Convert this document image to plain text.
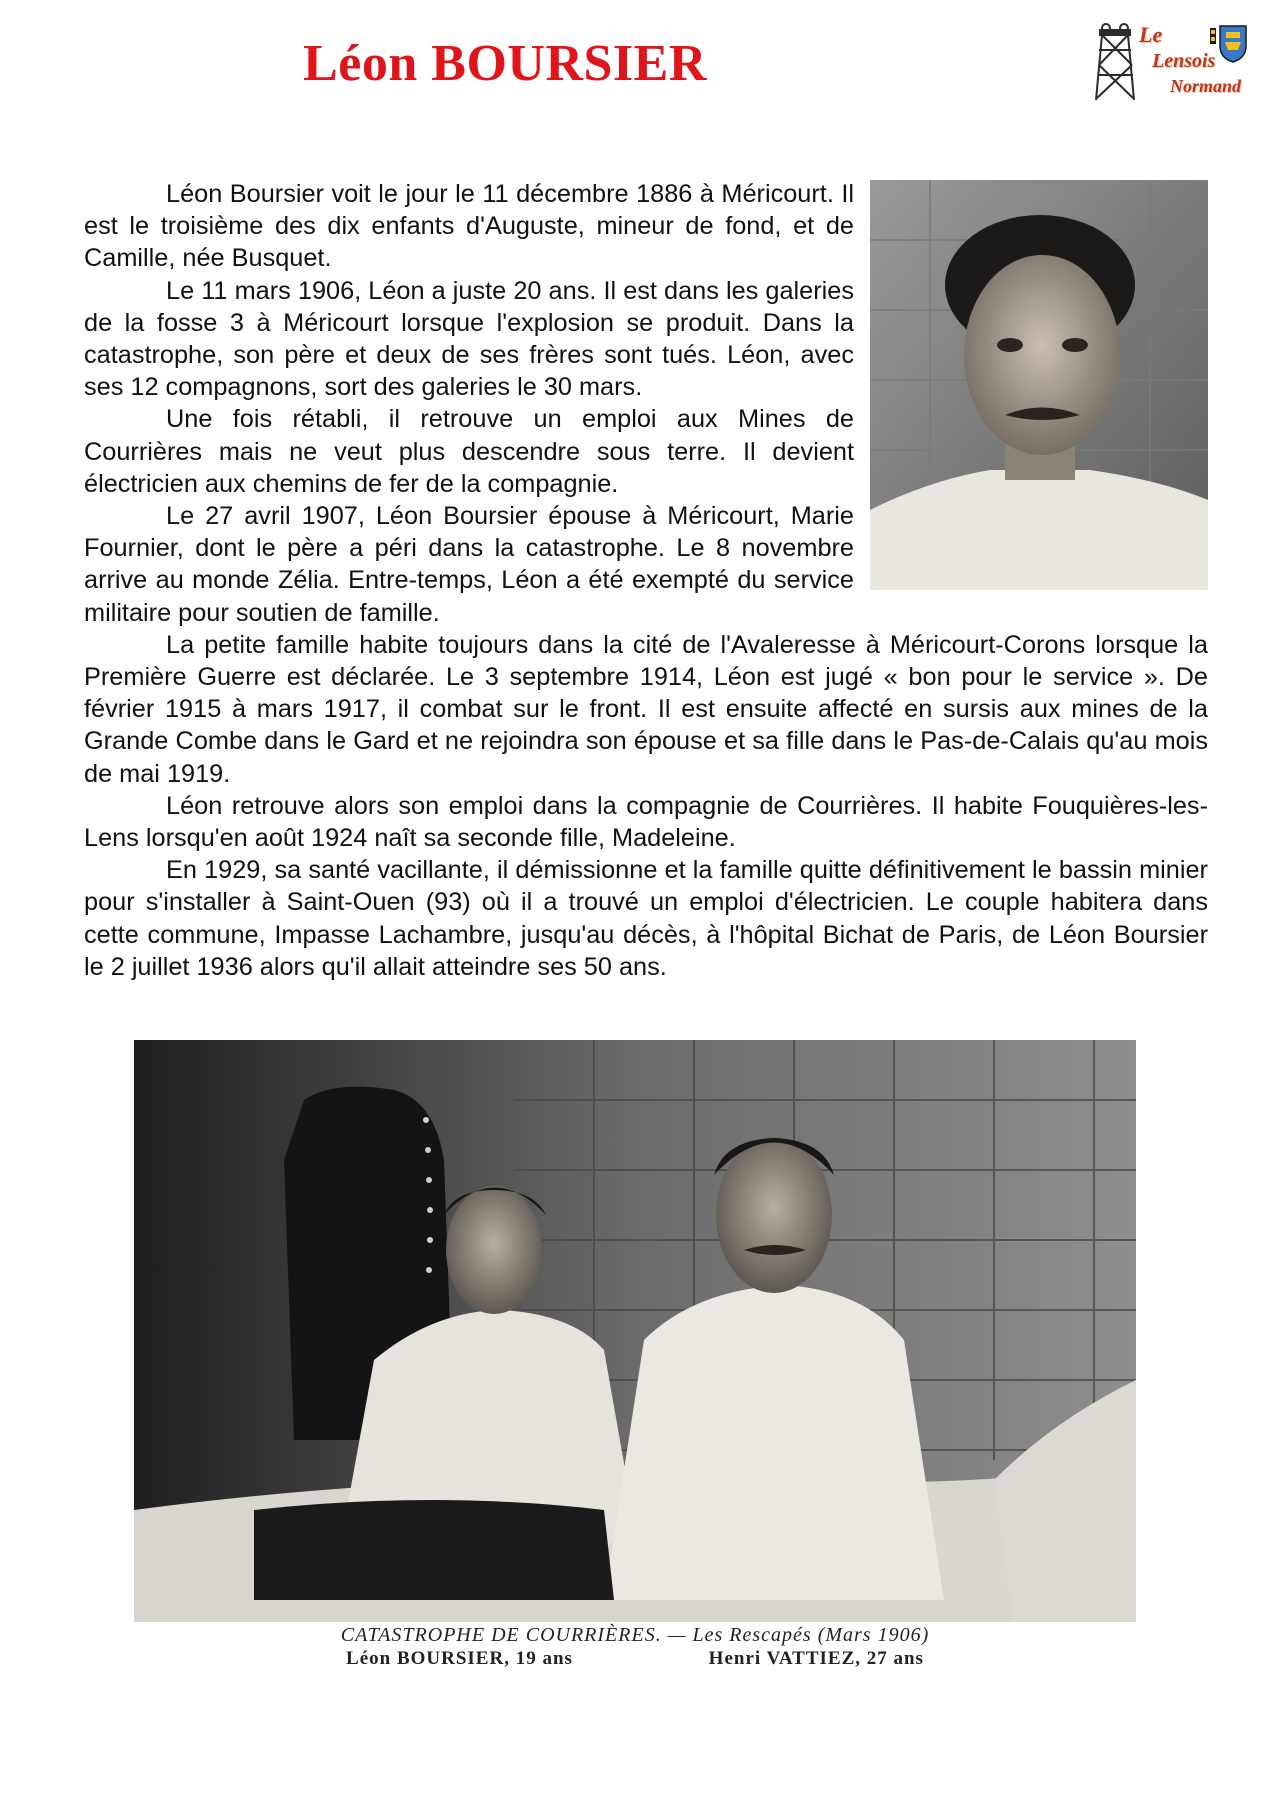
Léon BOURSIER
Le
Lensois
Normand

Léon Boursier voit le jour le 11 décembre 1886 à Méricourt. Il est le troisième des dix enfants d'Auguste, mineur de fond, et de Camille, née Busquet.

Le 11 mars 1906, Léon a juste 20 ans. Il est dans les galeries de la fosse 3 à Méricourt lorsque l'explosion se produit. Dans la catastrophe, son père et deux de ses frères sont tués. Léon, avec ses 12 compagnons, sort des galeries le 30 mars.

Une fois rétabli, il retrouve un emploi aux Mines de Courrières mais ne veut plus descendre sous terre. Il devient électricien aux chemins de fer de la compagnie.

Le 27 avril 1907, Léon Boursier épouse à Méricourt, Marie Fournier, dont le père a péri dans la catastrophe. Le 8 novembre arrive au monde Zélia. Entre-temps, Léon a été exempté du service militaire pour soutien de famille.

La petite famille habite toujours dans la cité de l'Avaleresse à Méricourt-Corons lorsque la Première Guerre est déclarée. Le 3 septembre 1914, Léon est jugé « bon pour le service ». De février 1915 à mars 1917, il combat sur le front. Il est ensuite affecté en sursis aux mines de la Grande Combe dans le Gard et ne rejoindra son épouse et sa fille dans le Pas-de-Calais qu'au mois de mai 1919.

Léon retrouve alors son emploi dans la compagnie de Courrières. Il habite Fouquières-les-Lens lorsqu'en août 1924 naît sa seconde fille, Madeleine.

En 1929, sa santé vacillante, il démissionne et la famille quitte définitivement le bassin minier pour s'installer à Saint-Ouen (93) où il a trouvé un emploi d'électricien. Le couple habitera dans cette commune, Impasse Lachambre, jusqu'au décès, à l'hôpital Bichat de Paris, de Léon Boursier le 2 juillet 1936 alors qu'il allait atteindre ses 50 ans.

ND. Phot.
CATASTROPHE DE COURRIÈRES. — Les Rescapés (Mars 1906)
Léon BOURSIER, 19 ans	Henri VATTIEZ, 27 ans
